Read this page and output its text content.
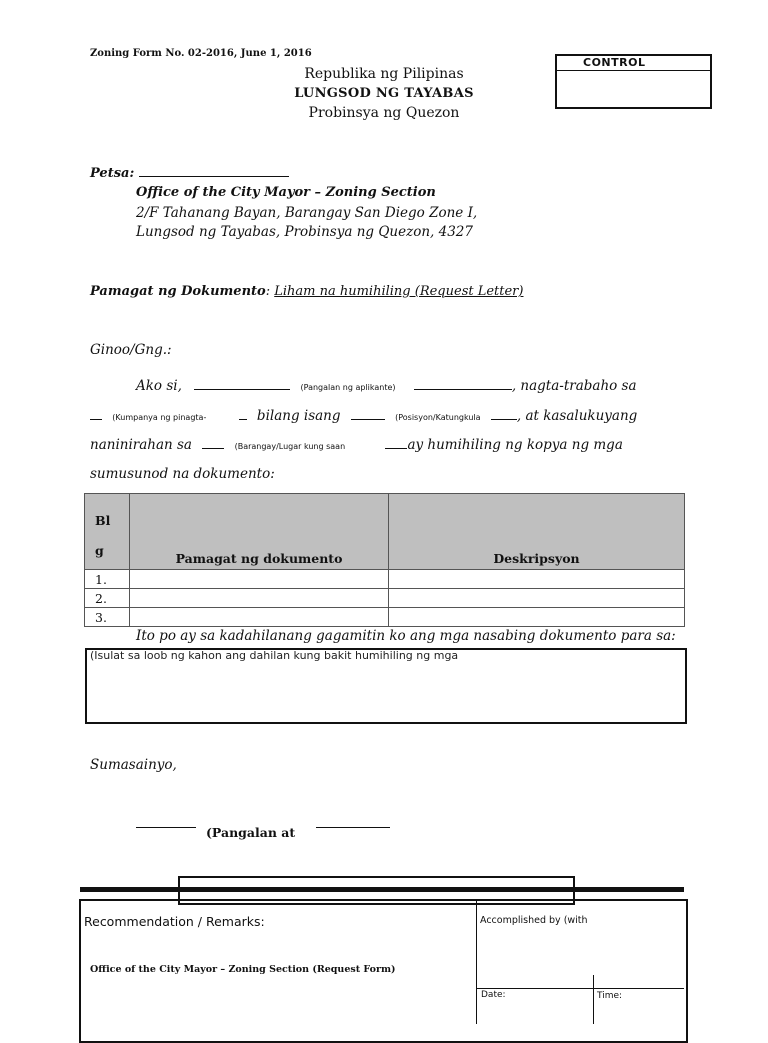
Zoning Form No. 02-2016, June 1, 2016
Republika ng Pilipinas
LUNGSOD NG TAYABAS
Probinsya ng Quezon
CONTROL
Petsa:
Office of the City Mayor – Zoning Section
2/F Tahanang Bayan, Barangay San Diego Zone I,
Lungsod ng Tayabas, Probinsya ng Quezon, 4327
Pamagat ng Dokumento: Liham na humihiling (Request Letter)
Ginoo/Gng.:
Ako si,	(Pangalan ng aplikante)	, nagta-trabaho sa
(Kumpanya ng pinagta-	bilang isang	(Posisyon/Katungkula	, at kasalukuyang
naninirahan sa	(Barangay/Lugar kung saan	ay humihiling ng kopya ng mga
sumusunod na dokumento:
Bl
g	Pamagat ng dokumento	Deskripsyon
1.		
2.		
3.		
Ito po ay sa kadahilanang gagamitin ko ang mga nasabing dokumento para sa:
(Isulat sa loob ng kahon ang dahilan kung bakit humihiling ng mga
Sumasainyo,
(Pangalan at
Recommendation / Remarks:	Accomplished by (with
Office of the City Mayor – Zoning Section (Request Form)
Date:	Time:
